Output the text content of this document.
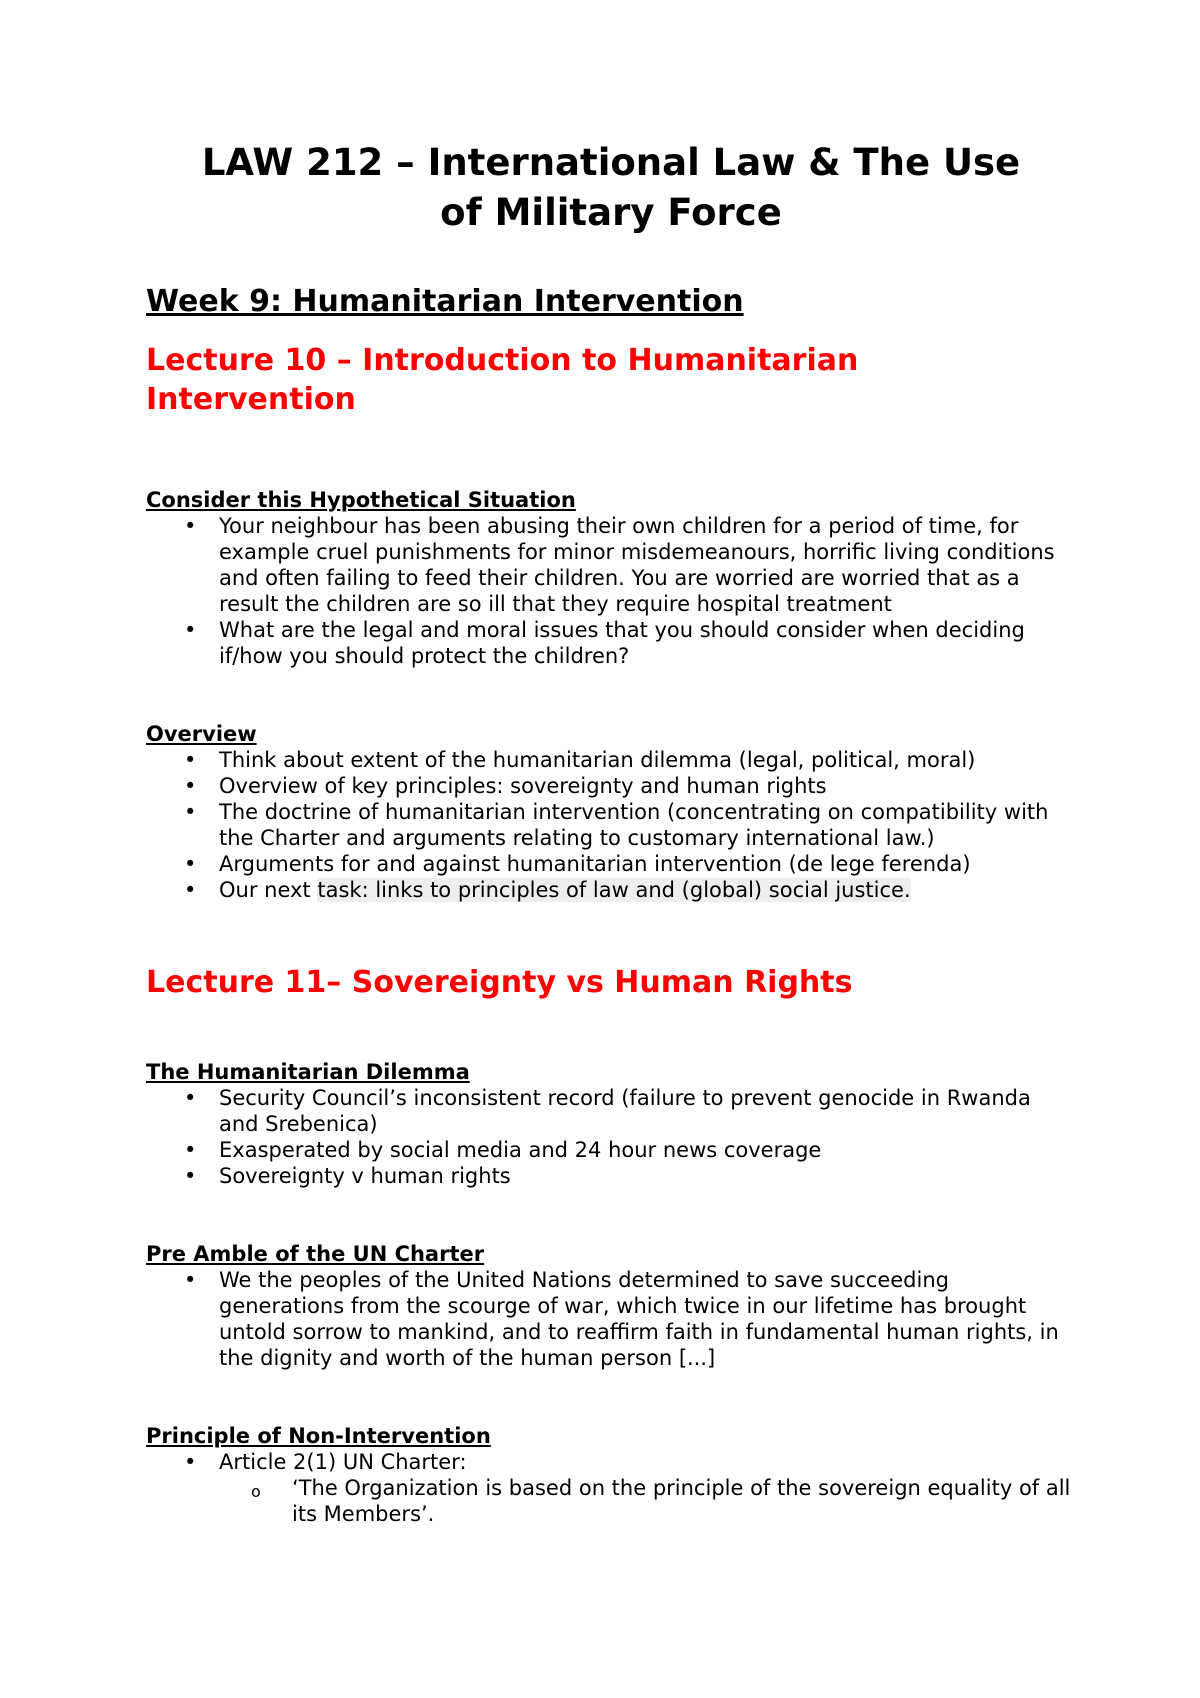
LAW 212 – International Law & The Use
of Military Force
Week 9: Humanitarian Intervention
Lecture 10 – Introduction to Humanitarian Intervention
Consider this Hypothetical Situation
• Your neighbour has been abusing their own children for a period of time, for example cruel punishments for minor misdemeanours, horrific living conditions and often failing to feed their children. You are worried are worried that as a result the children are so ill that they require hospital treatment
• What are the legal and moral issues that you should consider when deciding if/how you should protect the children?
Overview
• Think about extent of the humanitarian dilemma (legal, political, moral)
• Overview of key principles: sovereignty and human rights
• The doctrine of humanitarian intervention (concentrating on compatibility with the Charter and arguments relating to customary international law.)
• Arguments for and against humanitarian intervention (de lege ferenda)
• Our next task: links to principles of law and (global) social justice.
Lecture 11– Sovereignty vs Human Rights
The Humanitarian Dilemma
• Security Council’s inconsistent record (failure to prevent genocide in Rwanda and Srebenica)
• Exasperated by social media and 24 hour news coverage
• Sovereignty v human rights
Pre Amble of the UN Charter
• We the peoples of the United Nations determined to save succeeding generations from the scourge of war, which twice in our lifetime has brought untold sorrow to mankind, and to reaffirm faith in fundamental human rights, in the dignity and worth of the human person [...]
Principle of Non-Intervention
• Article 2(1) UN Charter:
o ‘The Organization is based on the principle of the sovereign equality of all its Members’.
